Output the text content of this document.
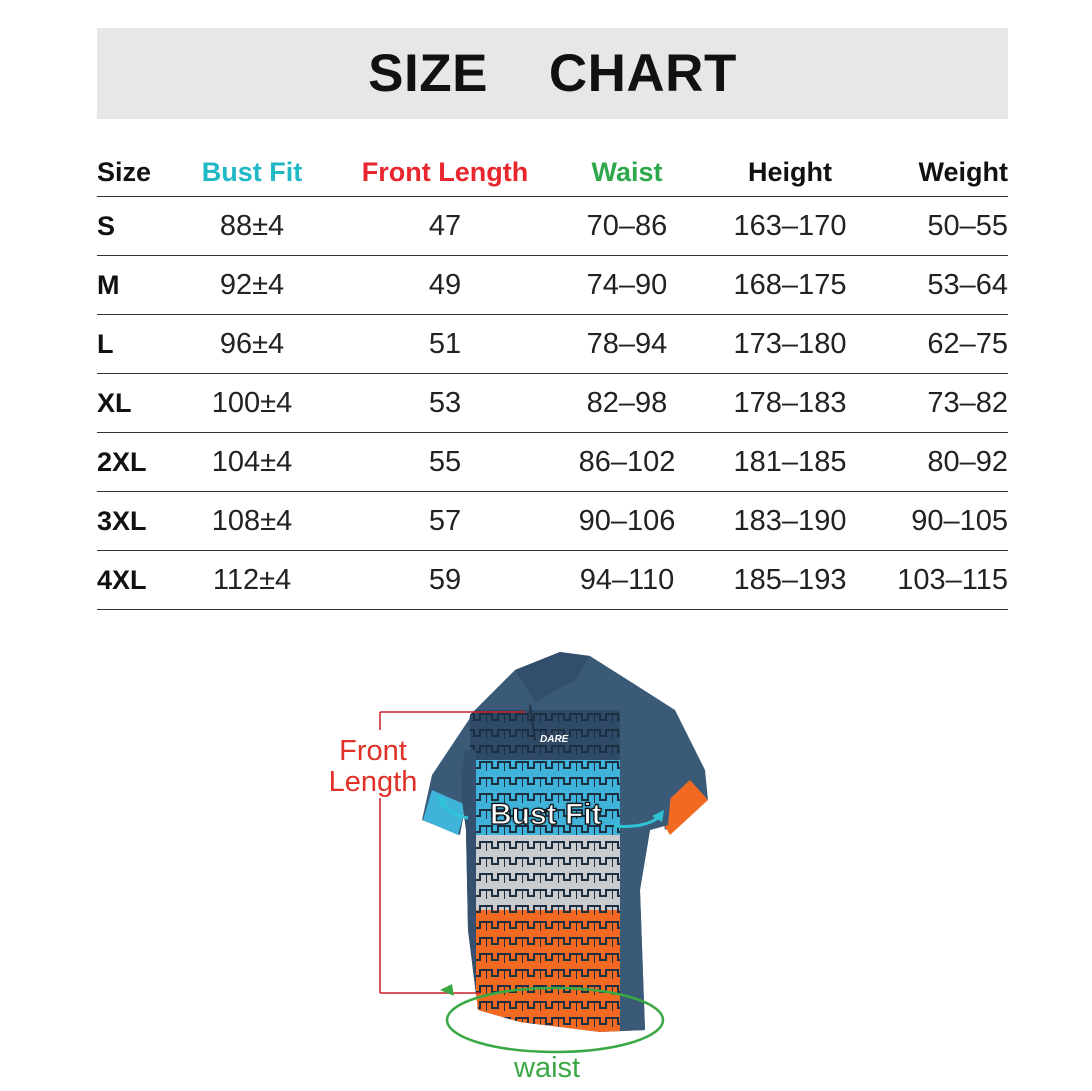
SIZE    CHART
Size	Bust Fit	Front Length	Waist	Height	Weight
S	88±4	47	70–86	163–170	50–55
M	92±4	49	74–90	168–175	53–64
L	96±4	51	78–94	173–180	62–75
XL	100±4	53	82–98	178–183	73–82
2XL	104±4	55	86–102	181–185	80–92
3XL	108±4	57	90–106	183–190	90–105
4XL	112±4	59	94–110	185–193	103–115
DARE
Front
Length
Bust Fit
waist
